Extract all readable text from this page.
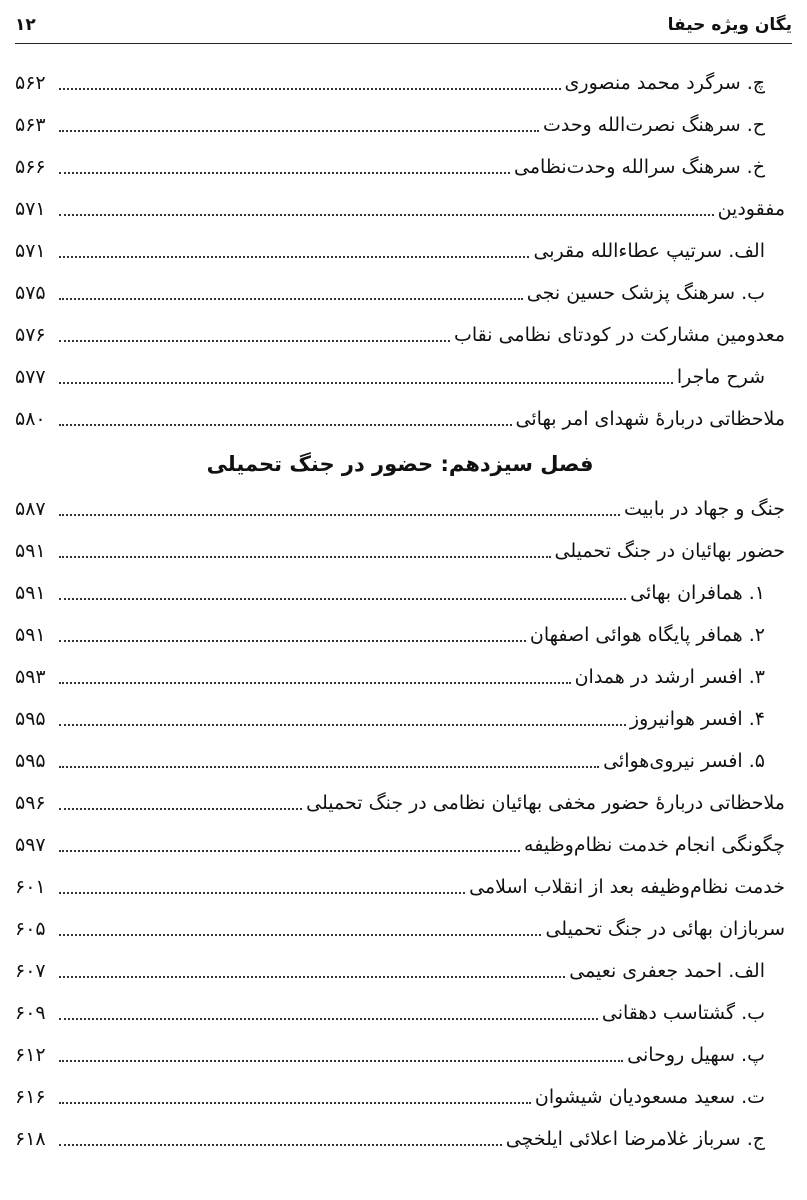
۱۲	یگان ویژه حیفا
چ. سرگرد محمد منصوری
۵۶۲
ح. سرهنگ نصرت‌الله وحدت
۵۶۳
خ. سرهنگ سرالله وحدت‌نظامی
۵۶۶
مفقودین
۵۷۱
الف. سرتیپ عطاءالله مقربی
۵۷۱
ب. سرهنگ پزشک حسین نجی
۵۷۵
معدومین مشارکت در کودتای نظامی نقاب
۵۷۶
شرح ماجرا
۵۷۷
ملاحظاتی دربارهٔ شهدای امر بهائی
۵۸۰
فصل سیزدهم: حضور در جنگ تحمیلی
جنگ و جهاد در بابیت
۵۸۷
حضور بهائیان در جنگ تحمیلی
۵۹۱
۱. همافران بهائی
۵۹۱
۲. همافر پایگاه هوائی اصفهان
۵۹۱
۳. افسر ارشد در همدان
۵۹۳
۴. افسر هوانیروز
۵۹۵
۵. افسر نیروی‌هوائی
۵۹۵
ملاحظاتی دربارهٔ حضور مخفی بهائیان نظامی در جنگ تحمیلی
۵۹۶
چگونگی انجام خدمت نظام‌وظیفه
۵۹۷
خدمت نظام‌وظیفه بعد از انقلاب اسلامی
۶۰۱
سربازان بهائی در جنگ تحمیلی
۶۰۵
الف. احمد جعفری نعیمی
۶۰۷
ب. گشتاسب دهقانی
۶۰۹
پ. سهیل روحانی
۶۱۲
ت. سعید مسعودیان شیشوان
۶۱۶
ج. سرباز غلامرضا اعلائی ایلخچی
۶۱۸
